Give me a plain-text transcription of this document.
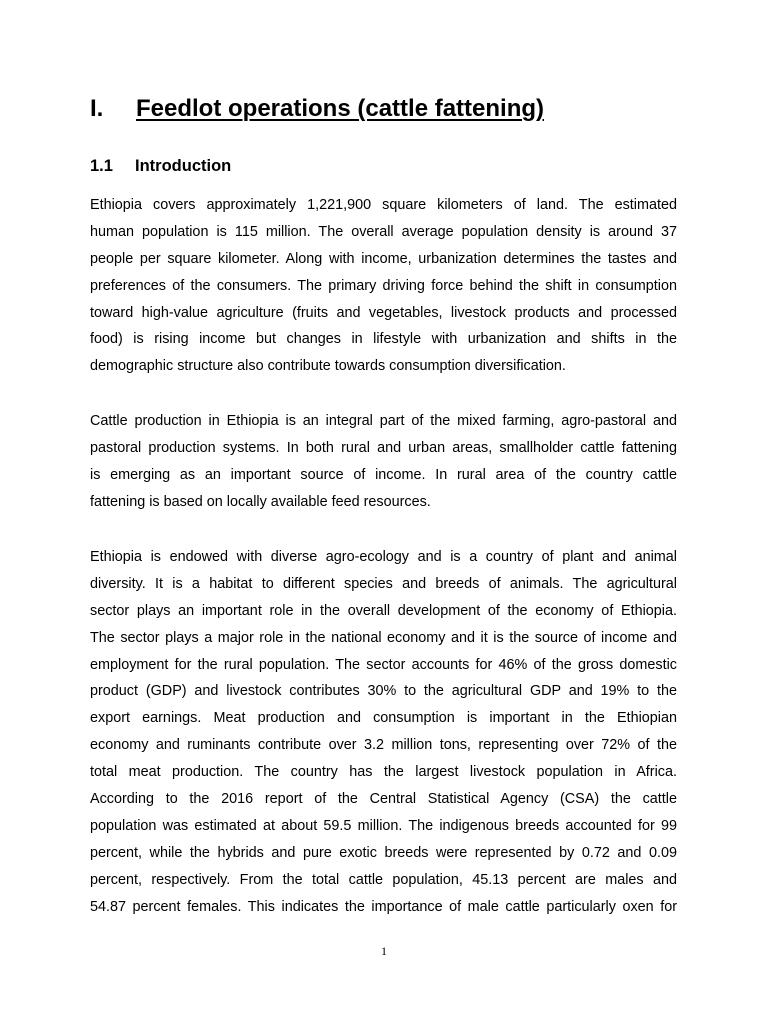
I. Feedlot operations (cattle fattening)
1.1 Introduction
Ethiopia covers approximately 1,221,900 square kilometers of land. The estimated
human population is 115 million. The overall average population density is around 37
people per square kilometer. Along with income, urbanization determines the tastes and
preferences of the consumers. The primary driving force behind the shift in consumption
toward high-value agriculture (fruits and vegetables, livestock products and processed
food) is rising income but changes in lifestyle with urbanization and shifts in the
demographic structure also contribute towards consumption diversification.
Cattle production in Ethiopia is an integral part of the mixed farming, agro-pastoral and
pastoral production systems. In both rural and urban areas, smallholder cattle fattening
is emerging as an important source of income. In rural area of the country cattle
fattening is based on locally available feed resources.
Ethiopia is endowed with diverse agro-ecology and is a country of plant and animal
diversity. It is a habitat to different species and breeds of animals. The agricultural
sector plays an important role in the overall development of the economy of Ethiopia.
The sector plays a major role in the national economy and it is the source of income and
employment for the rural population. The sector accounts for 46% of the gross domestic
product (GDP) and livestock contributes 30% to the agricultural GDP and 19% to the
export earnings. Meat production and consumption is important in the Ethiopian
economy and ruminants contribute over 3.2 million tons, representing over 72% of the
total meat production. The country has the largest livestock population in Africa.
According to the 2016 report of the Central Statistical Agency (CSA) the cattle
population was estimated at about 59.5 million. The indigenous breeds accounted for 99
percent, while the hybrids and pure exotic breeds were represented by 0.72 and 0.09
percent, respectively. From the total cattle population, 45.13 percent are males and
54.87 percent females. This indicates the importance of male cattle particularly oxen for
1
